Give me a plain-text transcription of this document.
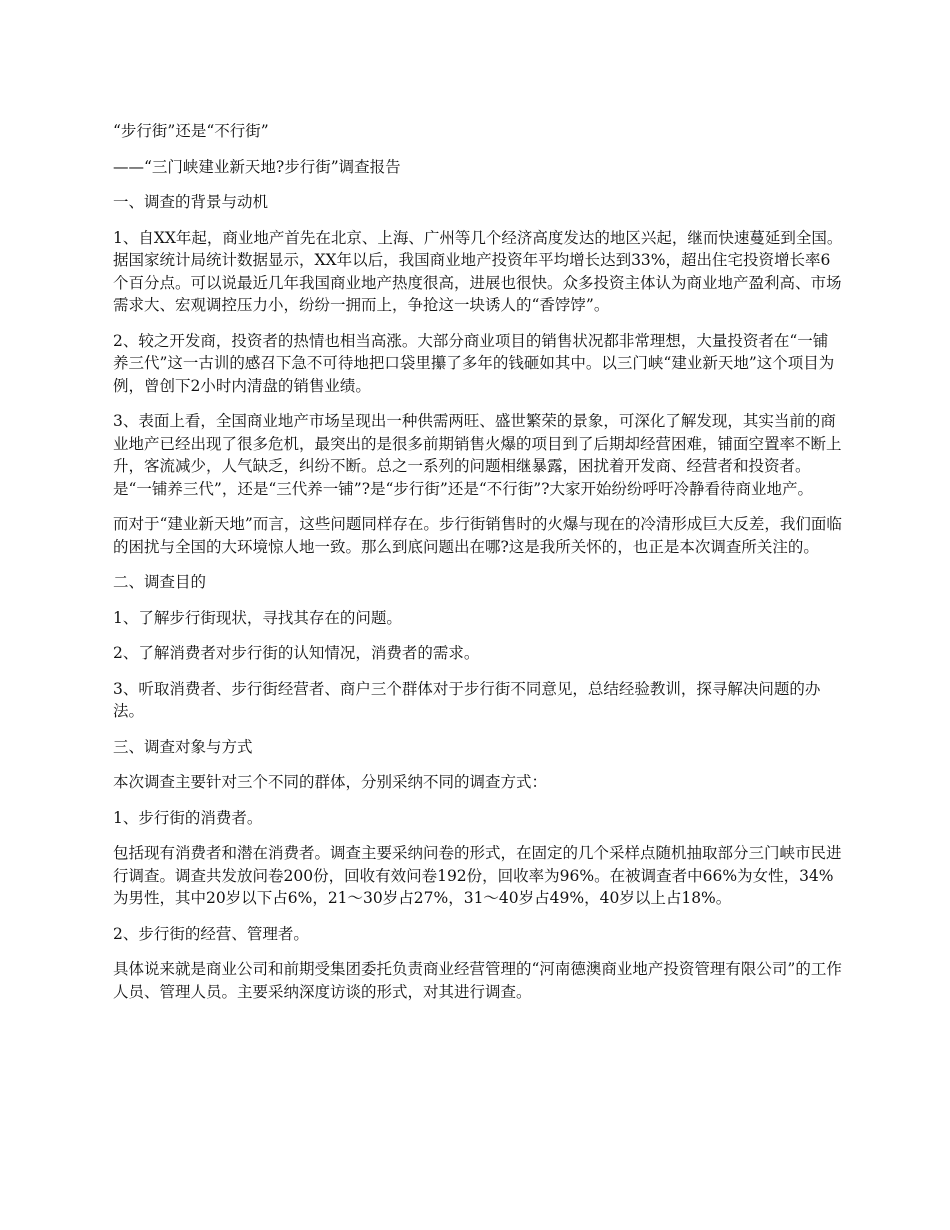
“步行街”还是“不行街”

——“三门峡建业新天地?步行街”调查报告

一、调查的背景与动机

1、自XX年起，商业地产首先在北京、上海、广州等几个经济高度发达的地区兴起，继而快速蔓延到全国。据国家统计局统计数据显示，XX年以后，我国商业地产投资年平均增长达到33%，超出住宅投资增长率6个百分点。可以说最近几年我国商业地产热度很高，进展也很快。众多投资主体认为商业地产盈利高、市场需求大、宏观调控压力小，纷纷一拥而上，争抢这一块诱人的“香饽饽”。

2、较之开发商，投资者的热情也相当高涨。大部分商业项目的销售状况都非常理想，大量投资者在“一铺养三代”这一古训的感召下急不可待地把口袋里攥了多年的钱砸如其中。以三门峡“建业新天地”这个项目为例，曾创下2小时内清盘的销售业绩。

3、表面上看，全国商业地产市场呈现出一种供需两旺、盛世繁荣的景象，可深化了解发现，其实当前的商业地产已经出现了很多危机，最突出的是很多前期销售火爆的项目到了后期却经营困难，铺面空置率不断上升，客流减少，人气缺乏，纠纷不断。总之一系列的问题相继暴露，困扰着开发商、经营者和投资者。是“一铺养三代”，还是“三代养一铺”?是“步行街”还是“不行街”?大家开始纷纷呼吁冷静看待商业地产。

而对于“建业新天地”而言，这些问题同样存在。步行街销售时的火爆与现在的冷清形成巨大反差，我们面临的困扰与全国的大环境惊人地一致。那么到底问题出在哪?这是我所关怀的，也正是本次调查所关注的。

二、调查目的

1、了解步行街现状，寻找其存在的问题。

2、了解消费者对步行街的认知情况，消费者的需求。

3、听取消费者、步行街经营者、商户三个群体对于步行街不同意见，总结经验教训，探寻解决问题的办法。

三、调查对象与方式

本次调查主要针对三个不同的群体，分别采纳不同的调查方式：

1、步行街的消费者。

包括现有消费者和潜在消费者。调查主要采纳问卷的形式，在固定的几个采样点随机抽取部分三门峡市民进行调查。调查共发放问卷200份，回收有效问卷192份，回收率为96%。在被调查者中66%为女性，34%为男性，其中20岁以下占6%，21～30岁占27%，31～40岁占49%，40岁以上占18%。

2、步行街的经营、管理者。

具体说来就是商业公司和前期受集团委托负责商业经营管理的“河南德澳商业地产投资管理有限公司”的工作人员、管理人员。主要采纳深度访谈的形式，对其进行调查。
